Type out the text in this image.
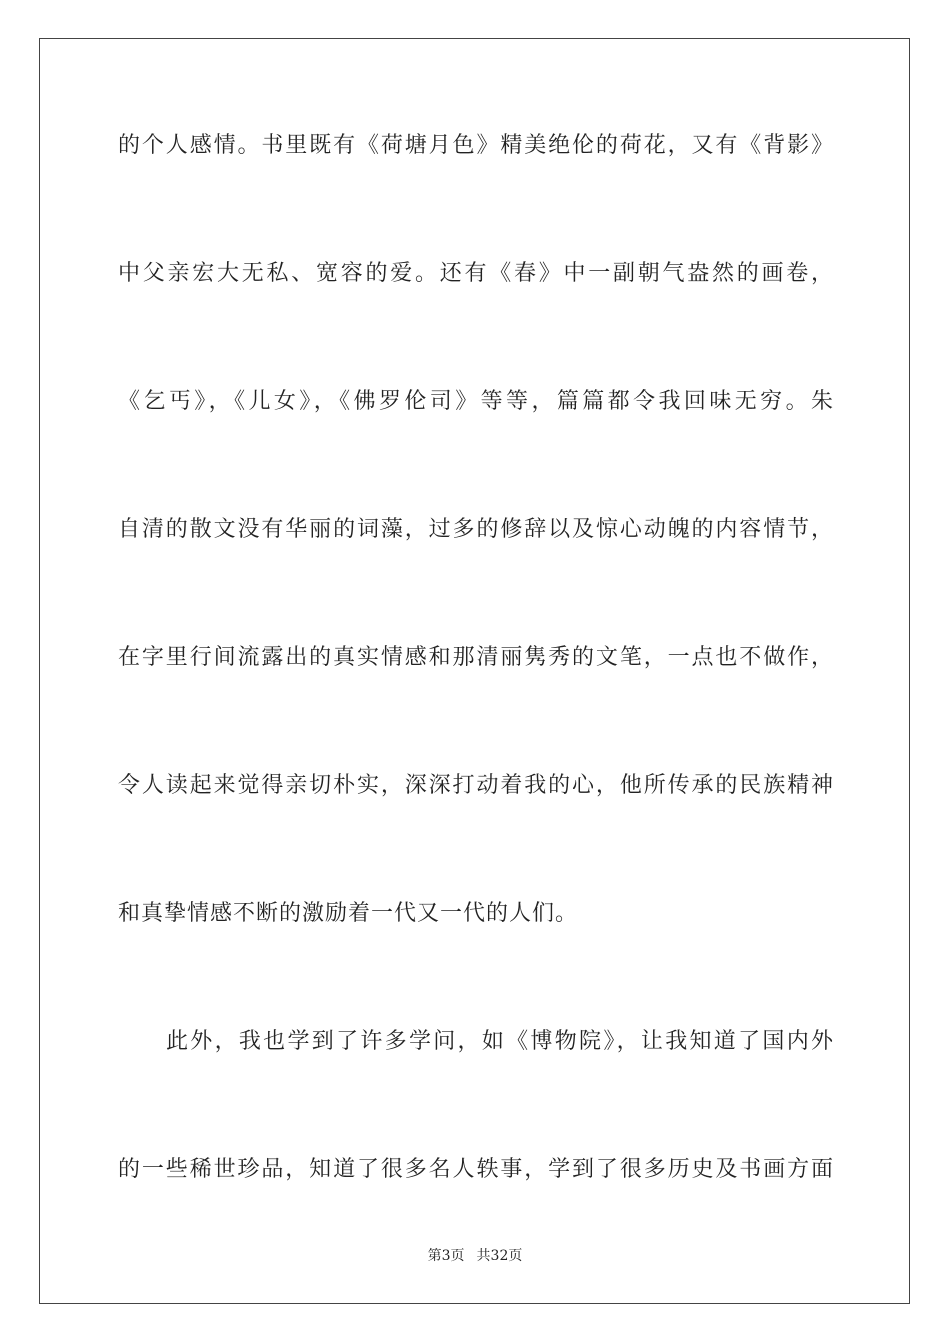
的个人感情。书里既有《荷塘月色》精美绝伦的荷花，又有《背影》
中父亲宏大无私、宽容的爱。还有《春》中一副朝气盎然的画卷，
《乞丐》，《儿女》，《佛罗伦司》等等，篇篇都令我回味无穷。朱
自清的散文没有华丽的词藻，过多的修辞以及惊心动魄的内容情节，
在字里行间流露出的真实情感和那清丽隽秀的文笔，一点也不做作，
令人读起来觉得亲切朴实，深深打动着我的心，他所传承的民族精神
和真挚情感不断的激励着一代又一代的人们。
此外，我也学到了许多学问，如《博物院》，让我知道了国内外
的一些稀世珍品，知道了很多名人轶事，学到了很多历史及书画方面
第3页 共32页
